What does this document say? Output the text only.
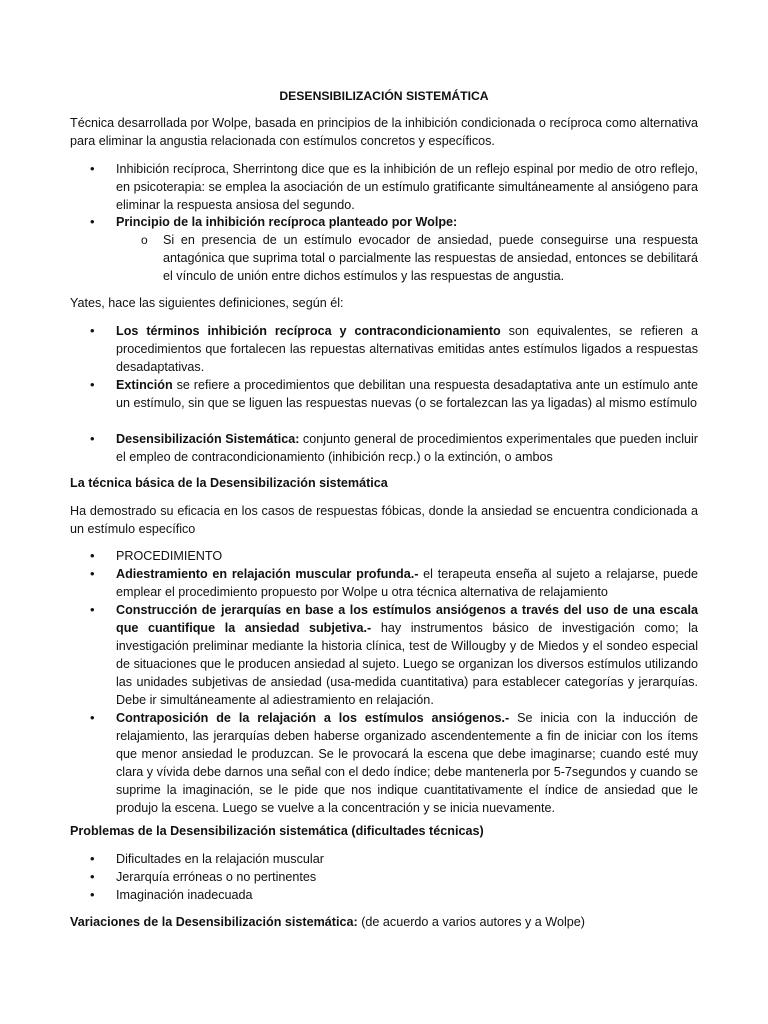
DESENSIBILIZACIÓN SISTEMÁTICA
Técnica desarrollada por Wolpe, basada en principios de la inhibición condicionada o recíproca como alternativa para eliminar la angustia relacionada con estímulos concretos y específicos.
• Inhibición recíproca, Sherrintong dice que es la inhibición de un reflejo espinal por medio de otro reflejo, en psicoterapia: se emplea la asociación de un estímulo gratificante simultáneamente al ansiógeno para eliminar la respuesta ansiosa del segundo.
• Principio de la inhibición recíproca planteado por Wolpe:
o Si en presencia de un estímulo evocador de ansiedad, puede conseguirse una respuesta antagónica que suprima total o parcialmente las respuestas de ansiedad, entonces se debilitará el vínculo de unión entre dichos estímulos y las respuestas de angustia.
Yates, hace las siguientes definiciones, según él:
• Los términos inhibición recíproca y contracondicionamiento son equivalentes, se refieren a procedimientos que fortalecen las repuestas alternativas emitidas antes estímulos ligados a respuestas desadaptativas.
• Extinción se refiere a procedimientos que debilitan una respuesta desadaptativa ante un estímulo ante un estímulo, sin que se liguen las respuestas nuevas (o se fortalezcan las ya ligadas) al mismo estímulo
Desensibilización Sistemática: conjunto general de procedimientos experimentales que pueden incluir el empleo de contracondicionamiento (inhibición recp.) o la extinción, o ambos
•
La técnica básica de la Desensibilización sistemática
Ha demostrado su eficacia en los casos de respuestas fóbicas, donde la ansiedad se encuentra condicionada a un estímulo específico
• PROCEDIMIENTO
• Adiestramiento en relajación muscular profunda.- el terapeuta enseña al sujeto a relajarse, puede emplear el procedimiento propuesto por Wolpe u otra técnica alternativa de relajamiento
• Construcción de jerarquías en base a los estímulos ansiógenos a través del uso de una escala que cuantifique la ansiedad subjetiva.- hay instrumentos básico de investigación como; la investigación preliminar mediante la historia clínica, test de Willougby y de Miedos y el sondeo especial de situaciones que le producen ansiedad al sujeto. Luego se organizan los diversos estímulos utilizando las unidades subjetivas de ansiedad (usa-medida cuantitativa) para establecer categorías y jerarquías. Debe ir simultáneamente al adiestramiento en relajación.
• Contraposición de la relajación a los estímulos ansiógenos.- Se inicia con la inducción de relajamiento, las jerarquías deben haberse organizado ascendentemente a fin de iniciar con los ítems que menor ansiedad le produzcan. Se le provocará la escena que debe imaginarse; cuando esté muy clara y vívida debe darnos una señal con el dedo índice; debe mantenerla por 5-7segundos y cuando se suprime la imaginación, se le pide que nos indique cuantitativamente el índice de ansiedad que le produjo la escena. Luego se vuelve a la concentración y se inicia nuevamente.
Problemas de la Desensibilización sistemática (dificultades técnicas)
• Dificultades en la relajación muscular
• Jerarquía erróneas o no pertinentes
• Imaginación inadecuada
Variaciones de la Desensibilización sistemática: (de acuerdo a varios autores y a Wolpe)
